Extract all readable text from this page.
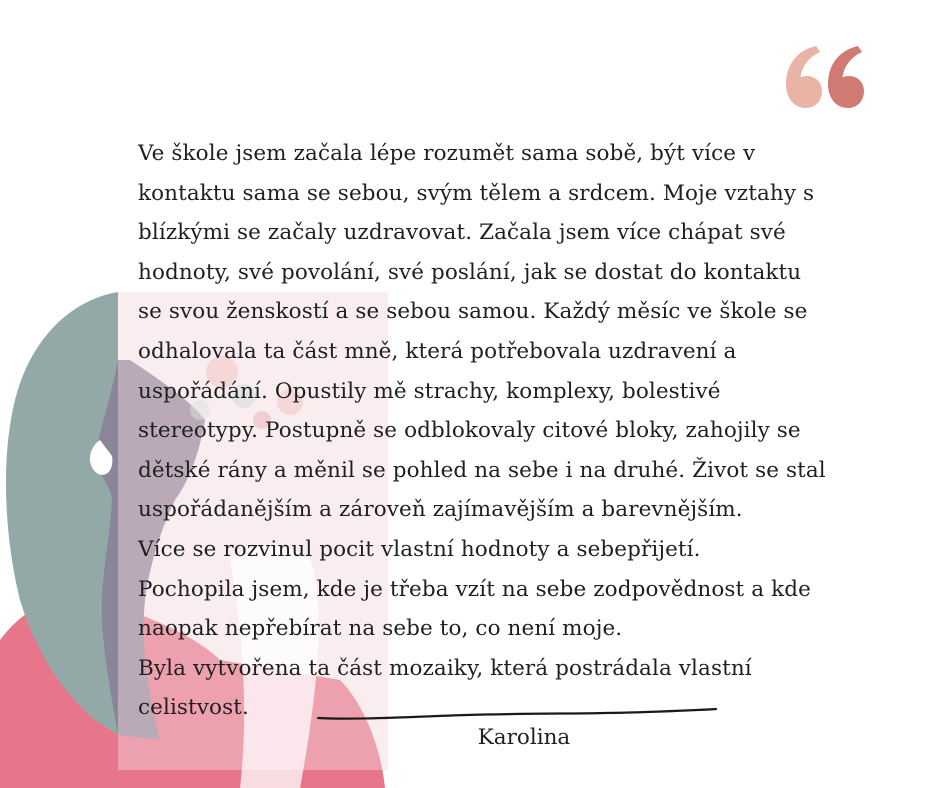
Ve škole jsem začala lépe rozumět sama sobě, být více v
kontaktu sama se sebou, svým tělem a srdcem. Moje vztahy s
blízkými se začaly uzdravovat. Začala jsem více chápat své
hodnoty, své povolání, své poslání, jak se dostat do kontaktu
se svou ženskostí a se sebou samou. Každý měsíc ve škole se
odhalovala ta část mně, která potřebovala uzdravení a
uspořádání. Opustily mě strachy, komplexy, bolestivé
stereotypy. Postupně se odblokovaly citové bloky, zahojily se
dětské rány a měnil se pohled na sebe i na druhé. Život se stal
uspořádanějším a zároveň zajímavějším a barevnějším.
Více se rozvinul pocit vlastní hodnoty a sebepřijetí.
Pochopila jsem, kde je třeba vzít na sebe zodpovědnost a kde
naopak nepřebírat na sebe to, co není moje.
Byla vytvořena ta část mozaiky, která postrádala vlastní
celistvost.

Karolina
